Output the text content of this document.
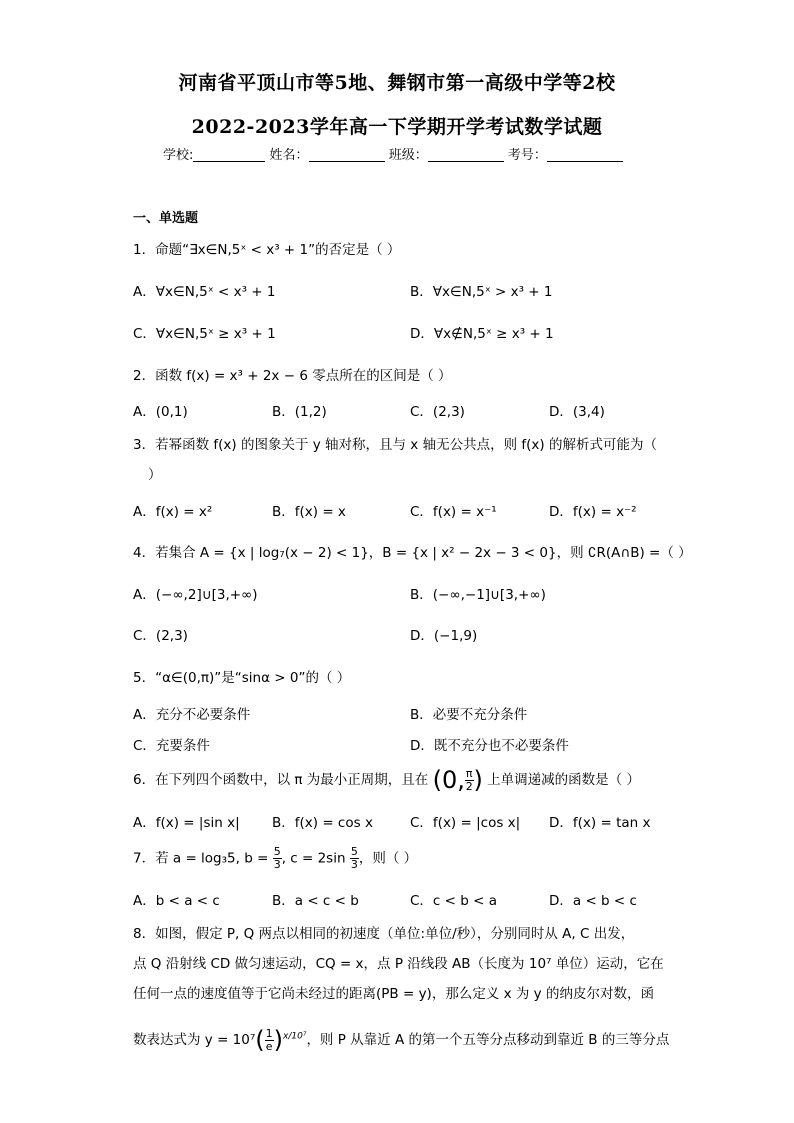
河南省平顶山市等5地、舞钢市第一高级中学等2校
2022-2023学年高一下学期开学考试数学试题
学校:	姓名：	班级：	考号：
一、单选题
1．命题“∃x∈N,5ˣ < x³ + 1”的否定是（ ）
A．∀x∈N,5ˣ < x³ + 1	B．∀x∈N,5ˣ > x³ + 1
C．∀x∈N,5ˣ ≥ x³ + 1	D．∀x∉N,5ˣ ≥ x³ + 1
2．函数 f(x) = x³ + 2x − 6 零点所在的区间是（ ）
A．(0,1)	B．(1,2)	C．(2,3)	D．(3,4)
3．若幂函数 f(x) 的图象关于 y 轴对称，且与 x 轴无公共点，则 f(x) 的解析式可能为（
）
A．f(x) = x²	B．f(x) = x	C．f(x) = x⁻¹	D．f(x) = x⁻²
4．若集合 A = {x | log₇(x − 2) < 1}，B = {x | x² − 2x − 3 < 0}，则 ∁R(A∩B) =（ ）
A．(−∞,2]∪[3,+∞)	B．(−∞,−1]∪[3,+∞)
C．(2,3)	D．(−1,9)
5．“α∈(0,π)”是“sinα > 0”的（ ）
A．充分不必要条件	B．必要不充分条件
C．充要条件	D．既不充分也不必要条件
6．在下列四个函数中，以 π 为最小正周期，且在 (0, $\frac{\pi}{2}$ ) 上单调递减的函数是（ ）
A．f(x) = |sin x| B．f(x) = cos x	C．f(x) = |cos x| D．f(x) = tan x
7．若 a = log₃5, $b = \frac{5}{3}$ , $c = 2\sin \frac{5}{3}$ ，则（ ）
A．b < a < c	B．a < c < b	C．c < b < a	D．a < b < c
8．如图，假定 P, Q 两点以相同的初速度（单位:单位/秒），分别同时从 A, C 出发，
点 Q 沿射线 CD 做匀速运动，CQ = x，点 P 沿线段 AB（长度为 10⁷ 单位）运动，它在
任何一点的速度值等于它尚未经过的距离(PB = y)，那么定义 x 为 y 的纳皮尔对数，函
数表达式为 $y = 10^7( \frac{1}{e} )^{x/10^7}$，则 P 从靠近 A 的第一个五等分点移动到靠近 B 的三等分点
